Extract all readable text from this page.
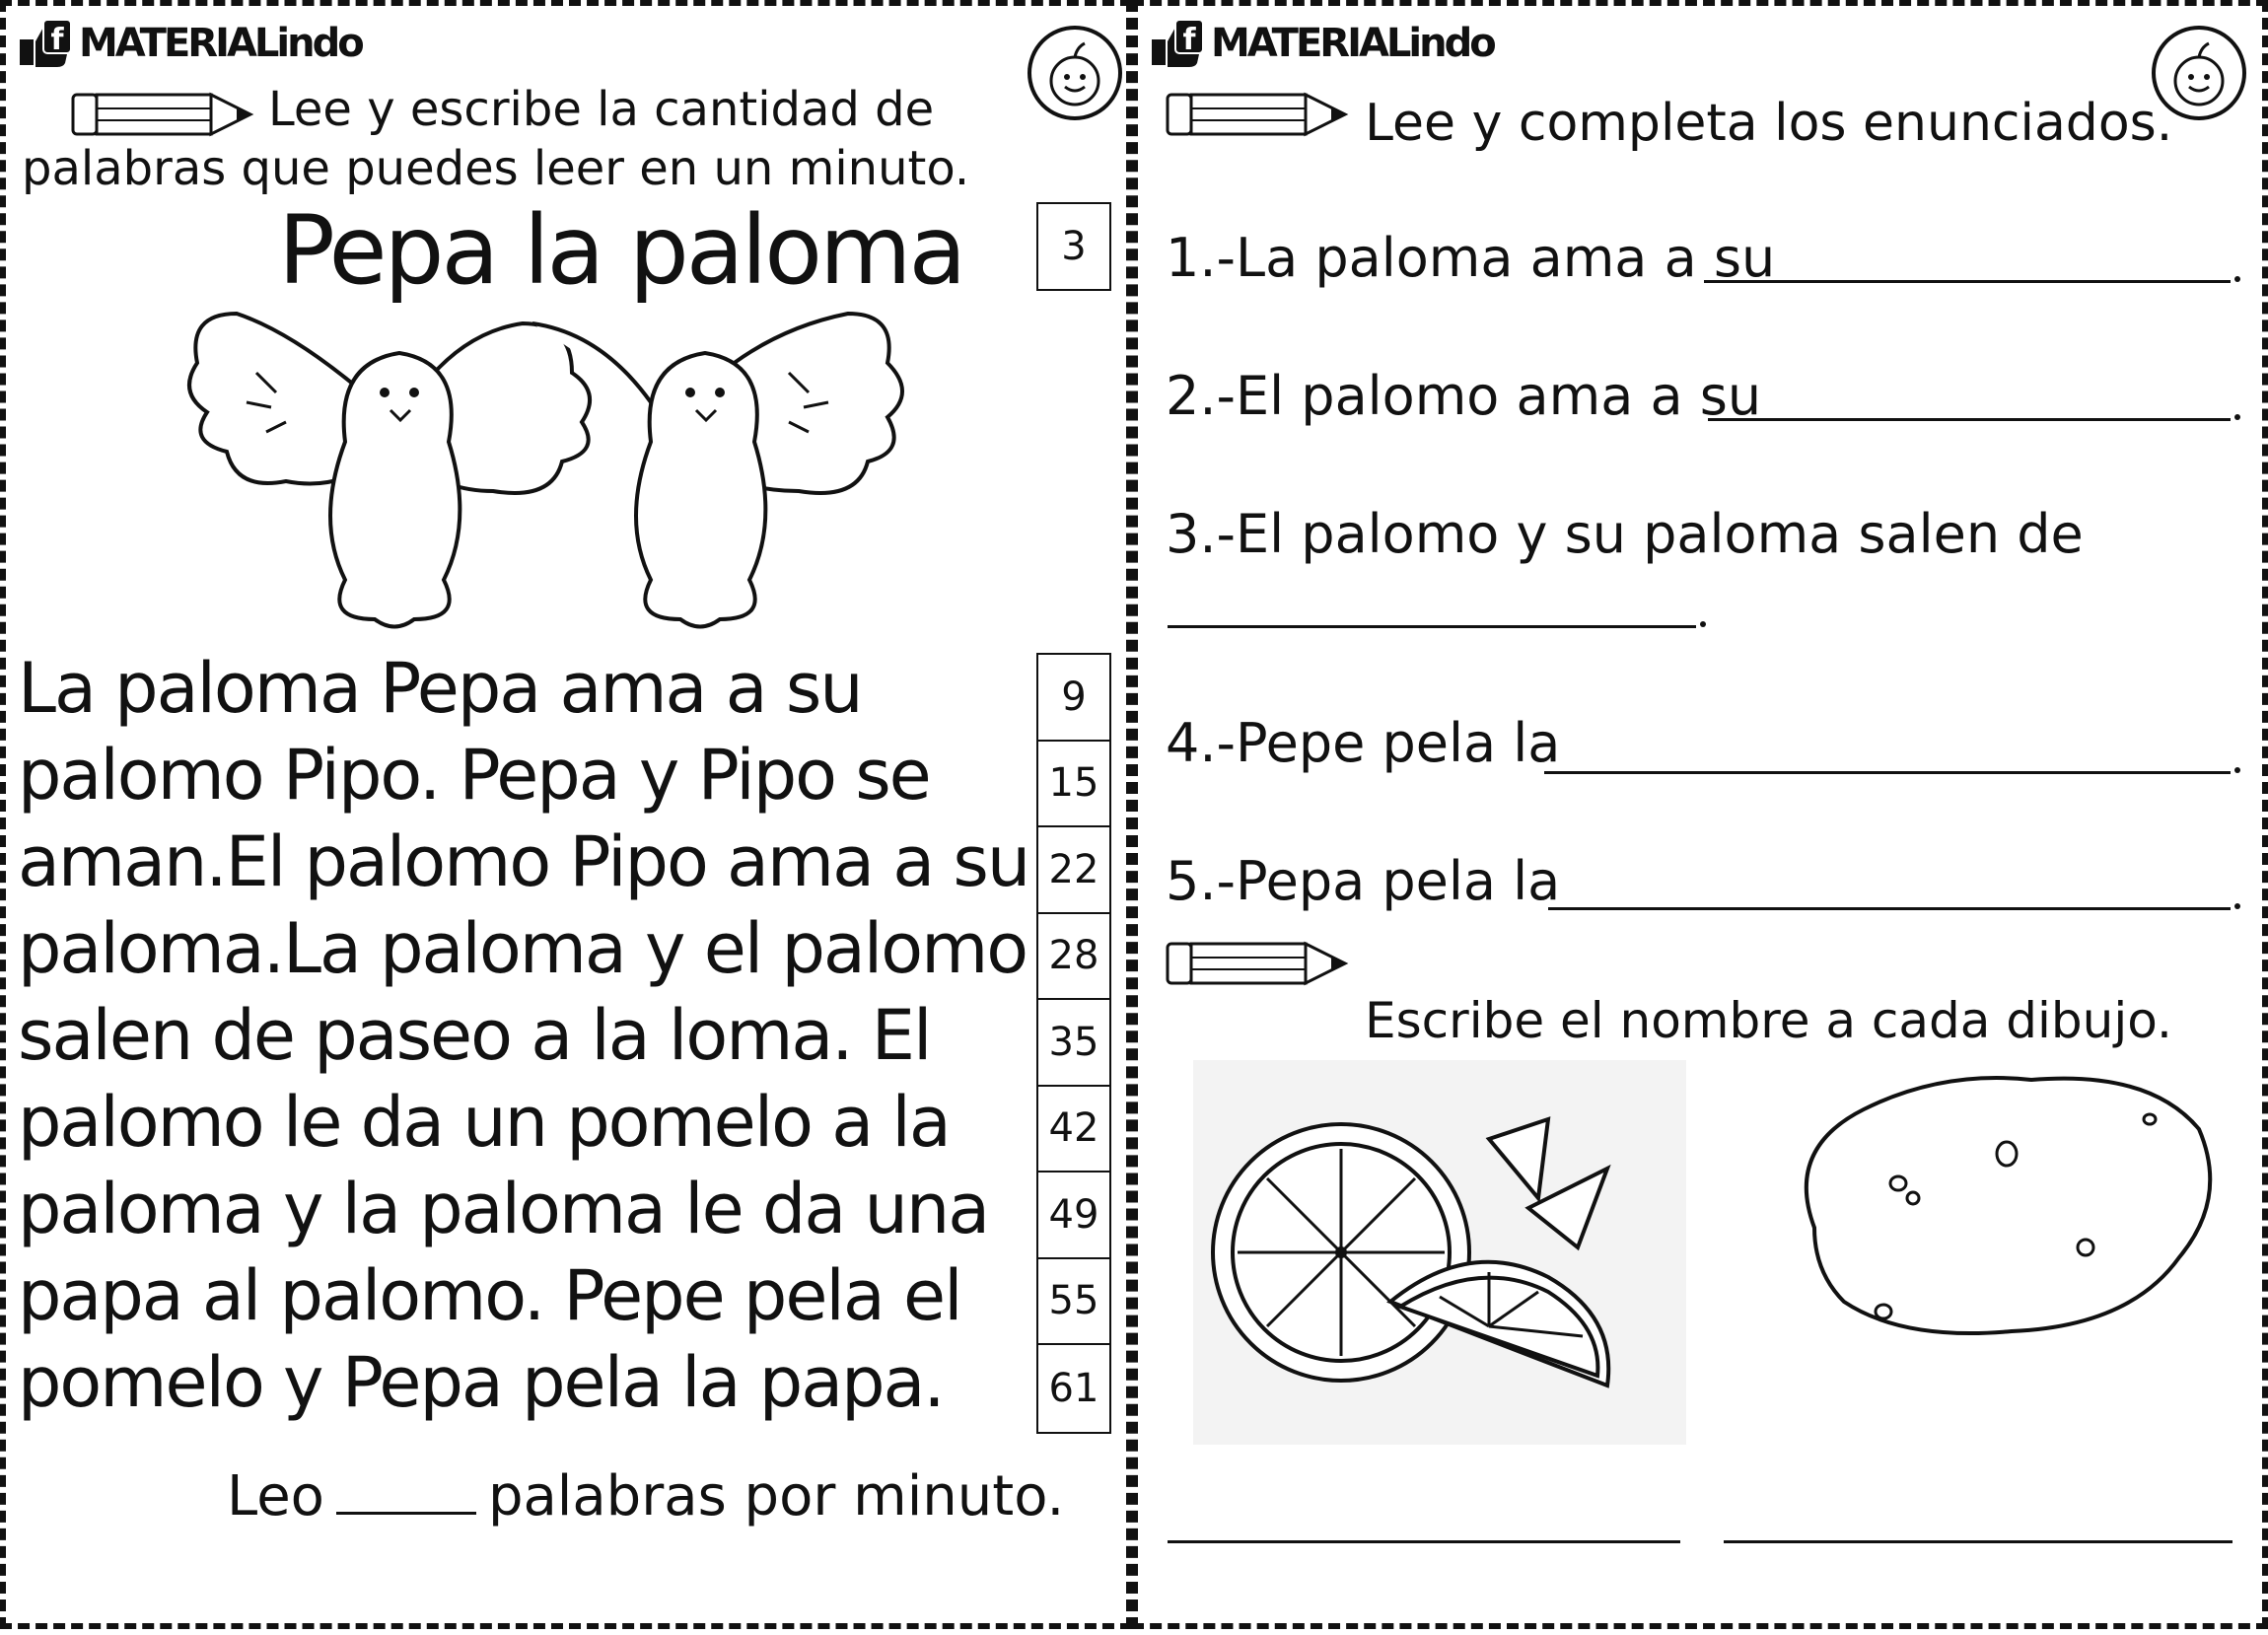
f MATERIALindo
Lee y escribe la cantidad de
palabras que puedes leer en un minuto.
Pepa la paloma	3
La paloma Pepa ama a su
palomo Pipo. Pepa y Pipo se
aman.El palomo Pipo ama a su
paloma.La paloma y el palomo
salen de paseo a la loma. El
palomo le da un pomelo a la
paloma y la paloma le da una
papa al palomo. Pepe pela el
pomelo y Pepa pela la papa.
9
15
22
28
35
42
49
55
61
Leo	palabras por minuto.
f MATERIALindo
Lee y completa los enunciados.
1.-La paloma ama a su
2.-El palomo ama a su
3.-El palomo y su paloma salen de
4.-Pepe pela la
5.-Pepa pela la
Escribe el nombre a cada dibujo.
